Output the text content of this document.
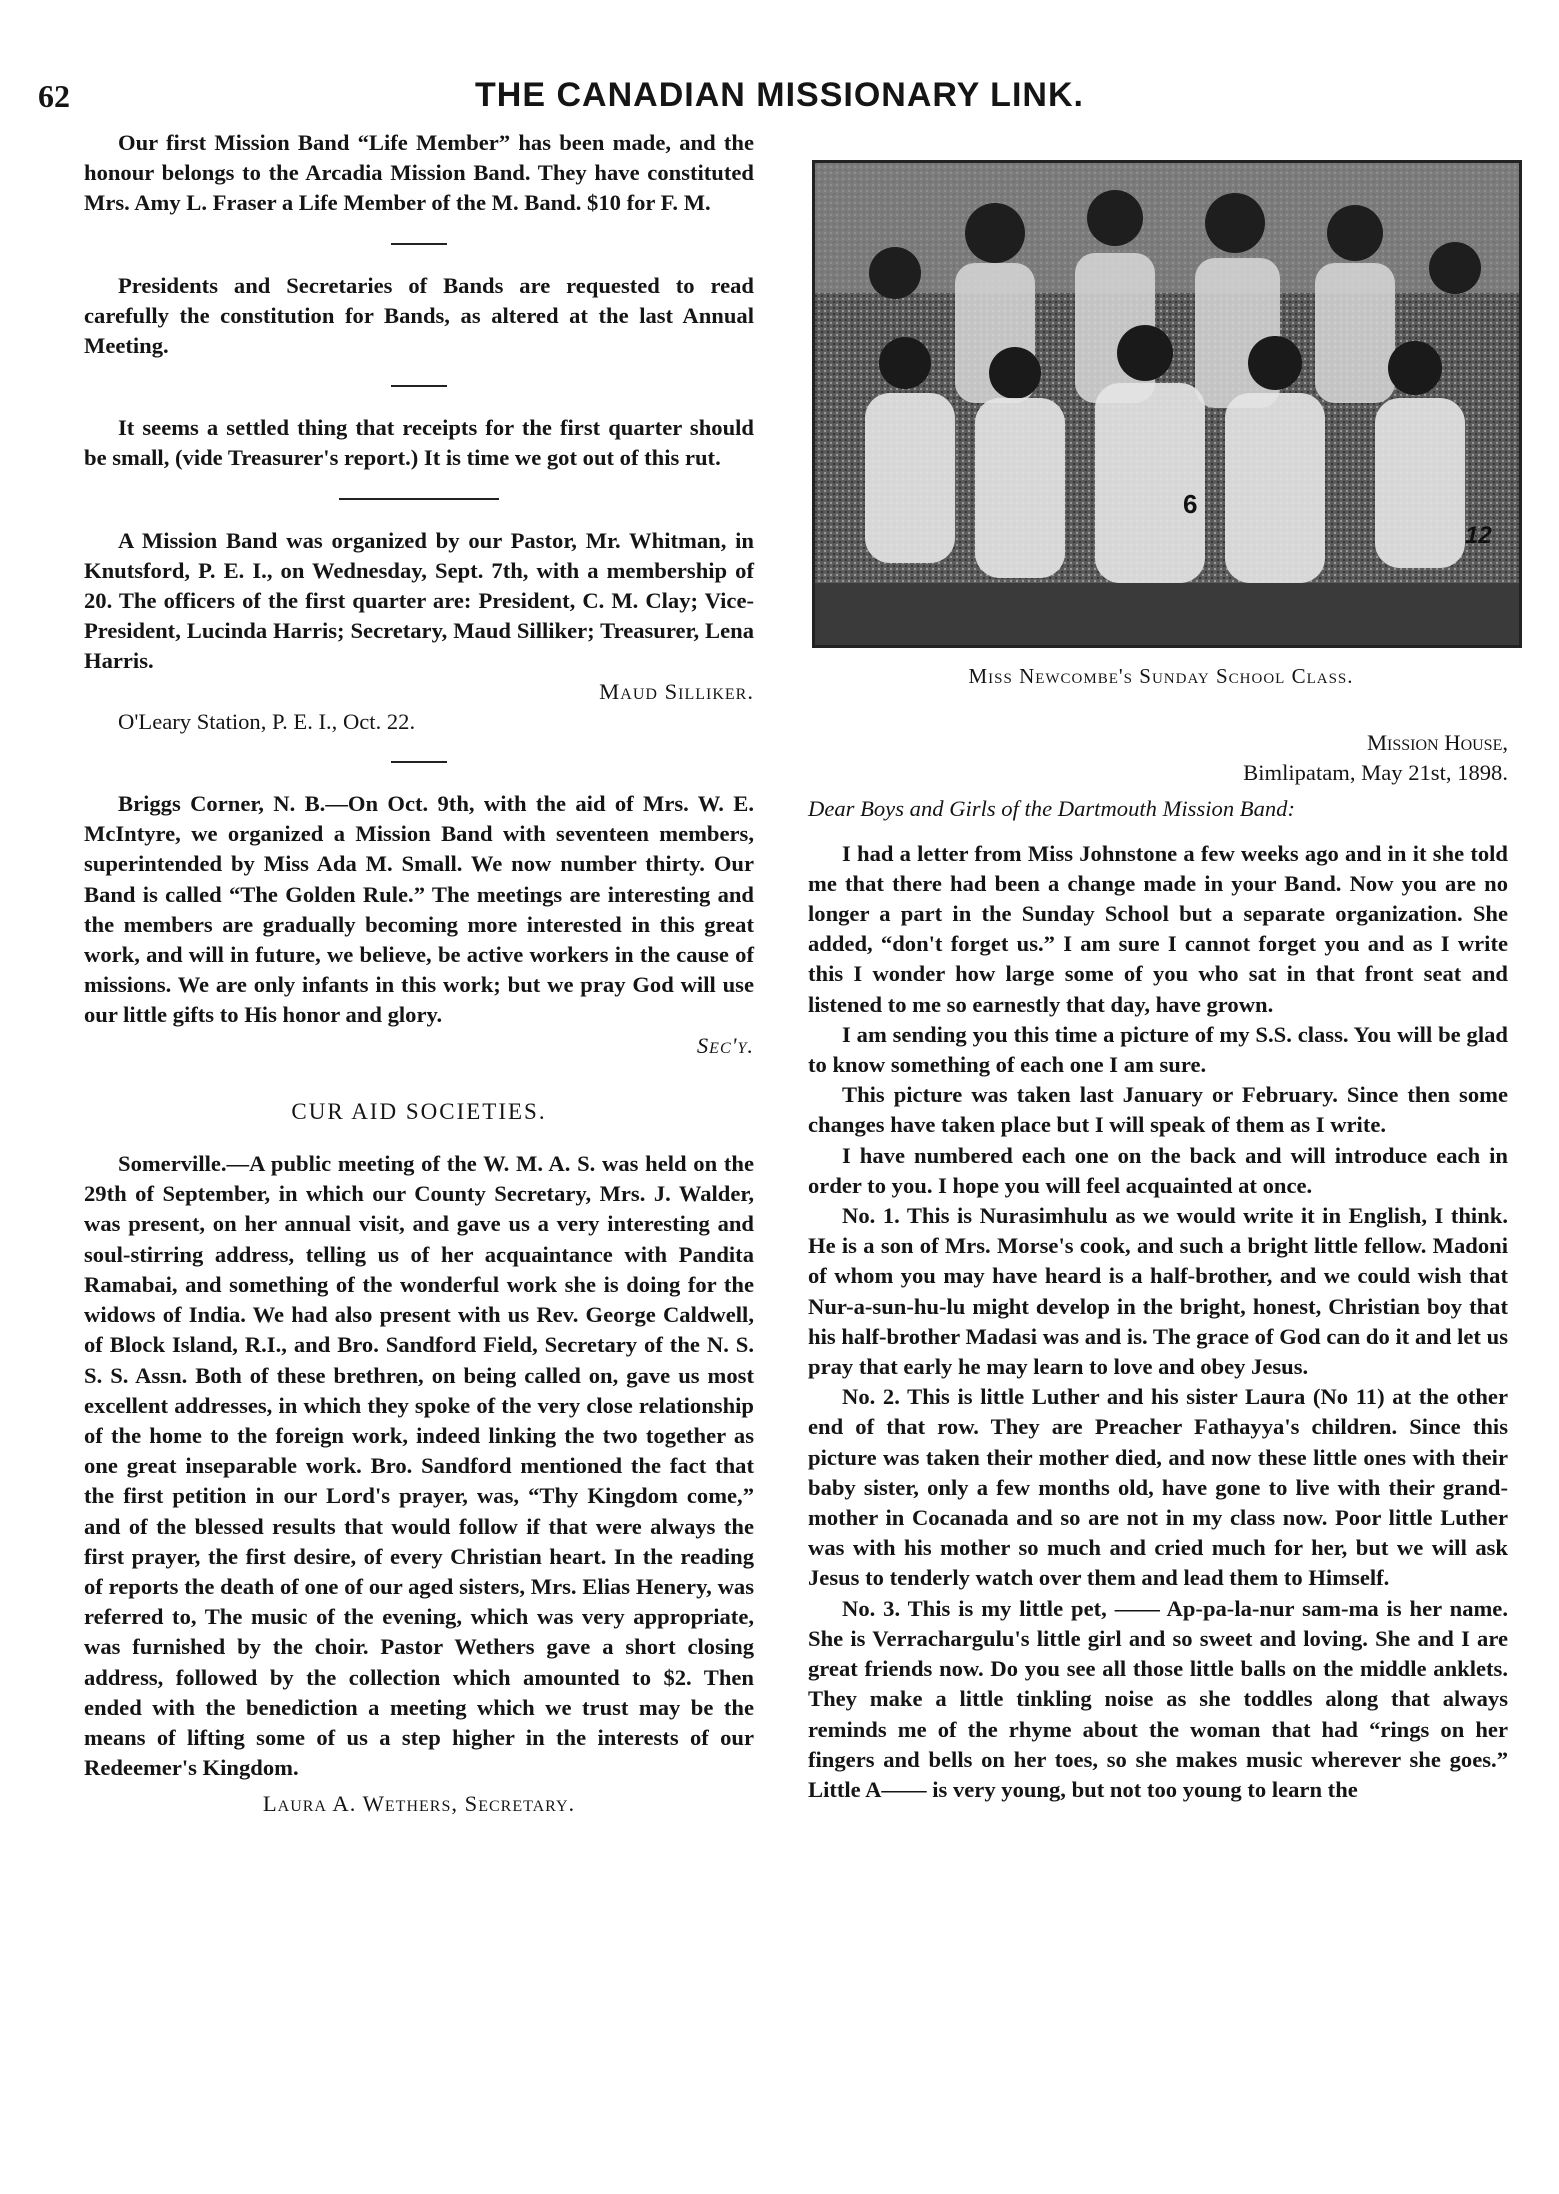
62	THE CANADIAN MISSIONARY LINK.

Our first Mission Band “Life Member” has been made, and the honour belongs to the Arcadia Mission Band. They have constituted Mrs. Amy L. Fraser a Life Member of the M. Band. $10 for F. M.

Presidents and Secretaries of Bands are requested to read carefully the constitution for Bands, as altered at the last Annual Meeting.

It seems a settled thing that receipts for the first quarter should be small, (vide Treasurer's report.) It is time we got out of this rut.

A Mission Band was organized by our Pastor, Mr. Whitman, in Knutsford, P. E. I., on Wednesday, Sept. 7th, with a membership of 20. The officers of the first quarter are: President, C. M. Clay; Vice-President, Lucinda Harris; Secretary, Maud Silliker; Treasurer, Lena Harris.

Maud Silliker.

O'Leary Station, P. E. I., Oct. 22.

Briggs Corner, N. B.—On Oct. 9th, with the aid of Mrs. W. E. McIntyre, we organized a Mission Band with seventeen members, superintended by Miss Ada M. Small. We now number thirty. Our Band is called “The Golden Rule.” The meetings are interesting and the members are gradually becoming more interested in this great work, and will in future, we believe, be active workers in the cause of missions. We are only infants in this work; but we pray God will use our little gifts to His honor and glory.

Sec'y.

CUR AID SOCIETIES.

Somerville.—A public meeting of the W. M. A. S. was held on the 29th of September, in which our County Secretary, Mrs. J. Walder, was present, on her annual visit, and gave us a very interesting and soul-stirring address, telling us of her acquaintance with Pandita Ramabai, and something of the wonderful work she is doing for the widows of India. We had also present with us Rev. George Caldwell, of Block Island, R.I., and Bro. Sandford Field, Secretary of the N. S. S. S. Assn. Both of these brethren, on being called on, gave us most excellent addresses, in which they spoke of the very close relationship of the home to the foreign work, indeed linking the two together as one great inseparable work. Bro. Sandford mentioned the fact that the first petition in our Lord's prayer, was, “Thy Kingdom come,” and of the blessed results that would follow if that were always the first prayer, the first desire, of every Christian heart. In the reading of reports the death of one of our aged sisters, Mrs. Elias Henery, was referred to, The music of the evening, which was very appropriate, was furnished by the choir. Pastor Wethers gave a short closing address, followed by the collection which amounted to $2. Then ended with the benediction a meeting which we trust may be the means of lifting some of us a step higher in the interests of our Redeemer's Kingdom.

Laura A. Wethers, Secretary.

6
12
Miss Newcombe's Sunday School Class.

Mission House,

Bimlipatam, May 21st, 1898.

Dear Boys and Girls of the Dartmouth Mission Band:

I had a letter from Miss Johnstone a few weeks ago and in it she told me that there had been a change made in your Band. Now you are no longer a part in the Sunday School but a separate organization. She added, “don't forget us.” I am sure I cannot forget you and as I write this I wonder how large some of you who sat in that front seat and listened to me so earnestly that day, have grown.

I am sending you this time a picture of my S.S. class. You will be glad to know something of each one I am sure.

This picture was taken last January or February. Since then some changes have taken place but I will speak of them as I write.

I have numbered each one on the back and will introduce each in order to you. I hope you will feel acquainted at once.

No. 1. This is Nurasimhulu as we would write it in English, I think. He is a son of Mrs. Morse's cook, and such a bright little fellow. Madoni of whom you may have heard is a half-brother, and we could wish that Nur-a-sun-hu-lu might develop in the bright, honest, Christian boy that his half-brother Madasi was and is. The grace of God can do it and let us pray that early he may learn to love and obey Jesus.

No. 2. This is little Luther and his sister Laura (No 11) at the other end of that row. They are Preacher Fathayya's children. Since this picture was taken their mother died, and now these little ones with their baby sister, only a few months old, have gone to live with their grand-mother in Cocanada and so are not in my class now. Poor little Luther was with his mother so much and cried much for her, but we will ask Jesus to tenderly watch over them and lead them to Himself.

No. 3. This is my little pet, —— Ap-pa-la-nur sam-ma is her name. She is Verrachargulu's little girl and so sweet and loving. She and I are great friends now. Do you see all those little balls on the middle anklets. They make a little tinkling noise as she toddles along that always reminds me of the rhyme about the woman that had “rings on her fingers and bells on her toes, so she makes music wherever she goes.” Little A—— is very young, but not too young to learn the
